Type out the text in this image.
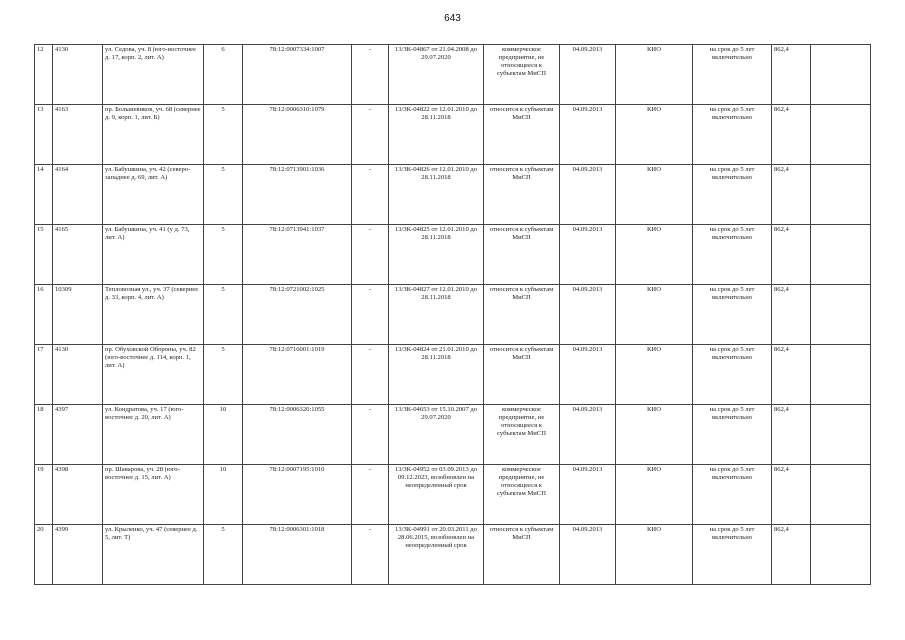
643
12	4130	ул. Седова, уч. 8 (юго-восточнее д. 17, корп. 2, лит. А)	6	78:12:0007334:1007	-	13/ЗК-04867 от 21.04.2008 до 29.07.2020	коммерческое предприятие, не относящееся к субъектам МиСП	04.09.2013	КИО	на срок до 5 лет включительно	862,4	
13	4163	пр. Большевиков, уч. 68 (севернее д. 9, корп. 1, лит. Б)	5	78:12:0006310:1079	-	13/ЗК-04822 от 12.01.2010 до 28.11.2018	относится к субъектам МиСП	04.09.2013	КИО	на срок до 5 лет включительно	862,4	
14	4164	ул. Бабушкина, уч. 42 (северо-западнее д. 69, лит. А)	5	78:12:0713901:1036	-	13/ЗК-04826 от 12.01.2010 до 28.11.2018	относится к субъектам МиСП	04.09.2013	КИО	на срок до 5 лет включительно	862,4	
15	4165	ул. Бабушкина, уч. 41 (у д. 73, лит. А)	5	78:12:0713941:1037	-	13/ЗК-04825 от 12.01.2010 до 28.11.2018	относится к субъектам МиСП	04.09.2013	КИО	на срок до 5 лет включительно	862,4	
16	10309	Тепловозная ул., уч. 37 (севернее д. 33, корп. 4, лит. А)	5	78:12:0721002:1025	-	13/ЗК-04827 от 12.01.2010 до 28.11.2018	относится к субъектам МиСП	04.09.2013	КИО	на срок до 5 лет включительно	862,4	
17	4130	пр. Обуховской Обороны, уч. 82 (юго-восточнее д. 114, корп. 1, лит. А)	5	78:12:0716001:1019	-	13/ЗК-04824 от 21.01.2010 до 28.11.2018	относится к субъектам МиСП	04.09.2013	КИО	на срок до 5 лет включительно	862,4	
18	4397	ул. Кондратова, уч. 17 (юго-восточнее д. 20, лит. А)	10	78:12:0006320:1055	-	13/ЗК-04653 от 15.10.2007 до 29.07.2020	коммерческое предприятие, не относящееся к субъектам МиСП	04.09.2013	КИО	на срок до 5 лет включительно	862,4	
19	4398	пр. Шаварова, уч. 28 (юго-восточнее д. 15, лит. А)	10	78:12:0007195:1010	-	13/ЗК-04952 от 03.09.2013 до 09.12.2023, возобновлен на неопределенный срок	коммерческое предприятие, не относящееся к субъектам МиСП	04.09.2013	КИО	на срок до 5 лет включительно	862,4	
20	4399	ул. Крыленко, уч. 47 (севернее д. 5, лит. Т)	5	78:12:0006301:1018	-	13/ЗК-04991 от 20.03.2011 до 28.06.2015, возобновлен на неопределенный срок	относится к субъектам МиСП	04.09.2013	КИО	на срок до 5 лет включительно	862,4	
